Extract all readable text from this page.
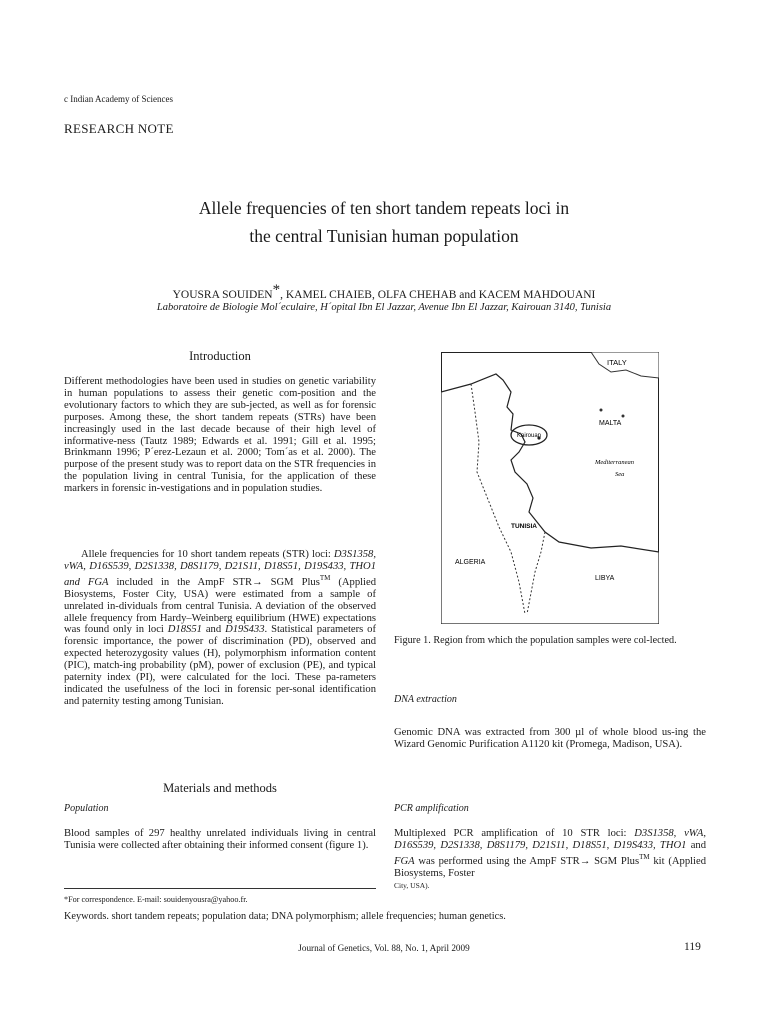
c Indian Academy of Sciences
RESEARCH NOTE
Allele frequencies of ten short tandem repeats loci in
the central Tunisian human population
YOUSRA SOUIDEN*, KAMEL CHAIEB, OLFA CHEHAB and KACEM MAHDOUANI
Laboratoire de Biologie Mol´eculaire, H´opital Ibn El Jazzar, Avenue Ibn El Jazzar, Kairouan 3140, Tunisia
Introduction
Different methodologies have been used in studies on genetic variability in human populations to assess their genetic com-position and the evolutionary factors to which they are sub-jected, as well as for forensic purposes. Among these, the short tandem repeats (STRs) have been increasingly used in the last decade because of their high level of informative-ness (Tautz 1989; Edwards et al. 1991; Gill et al. 1995; Brinkmann 1996; P´erez-Lezaun et al. 2000; Tom´as et al. 2000). The purpose of the present study was to report data on the STR frequencies in the population living in central Tunisia, for the application of these markers in forensic in-vestigations and in population studies.
Allele frequencies for 10 short tandem repeats (STR) loci: D3S1358, vWA, D16S539, D2S1338, D8S1179, D21S11, D18S51, D19S433, THO1 and FGA included in the AmpF STR→ SGM Plus™ (Applied Biosystems, Foster City, USA) were estimated from a sample of unrelated in-dividuals from central Tunisia. A deviation of the observed allele frequency from Hardy–Weinberg equilibrium (HWE) expectations was found only in loci D18S51 and D19S433. Statistical parameters of forensic importance, the power of discrimination (PD), observed and expected heterozygosity values (H), polymorphism information content (PIC), match-ing probability (pM), power of exclusion (PE), and typical paternity index (PI), were calculated for the loci. These pa-rameters indicated the usefulness of the loci in forensic per-sonal identification and paternity testing among Tunisian.
Materials and methods
Population
Blood samples of 297 healthy unrelated individuals living in central Tunisia were collected after obtaining their informed consent (figure 1).
Kairouan
ITALY
MALTA
Mediterranean
Sea
TUNISIA
ALGERIA
LIBYA
Figure 1. Region from which the population samples were col-lected.
DNA extraction
Genomic DNA was extracted from 300 µl of whole blood us-ing the Wizard Genomic Purification A1120 kit (Promega, Madison, USA).
PCR amplification
Multiplexed PCR amplification of 10 STR loci: D3S1358, vWA, D16S539, D2S1338, D8S1179, D21S11, D18S51, D19S433, THO1 and FGA was performed using the AmpF STR→ SGM Plus™ kit (Applied Biosystems, Foster
City, USA).
*For correspondence. E-mail: souidenyousra@yahoo.fr.
Keywords. short tandem repeats; population data; DNA polymorphism; allele frequencies; human genetics.
Journal of Genetics, Vol. 88, No. 1, April 2009	119
